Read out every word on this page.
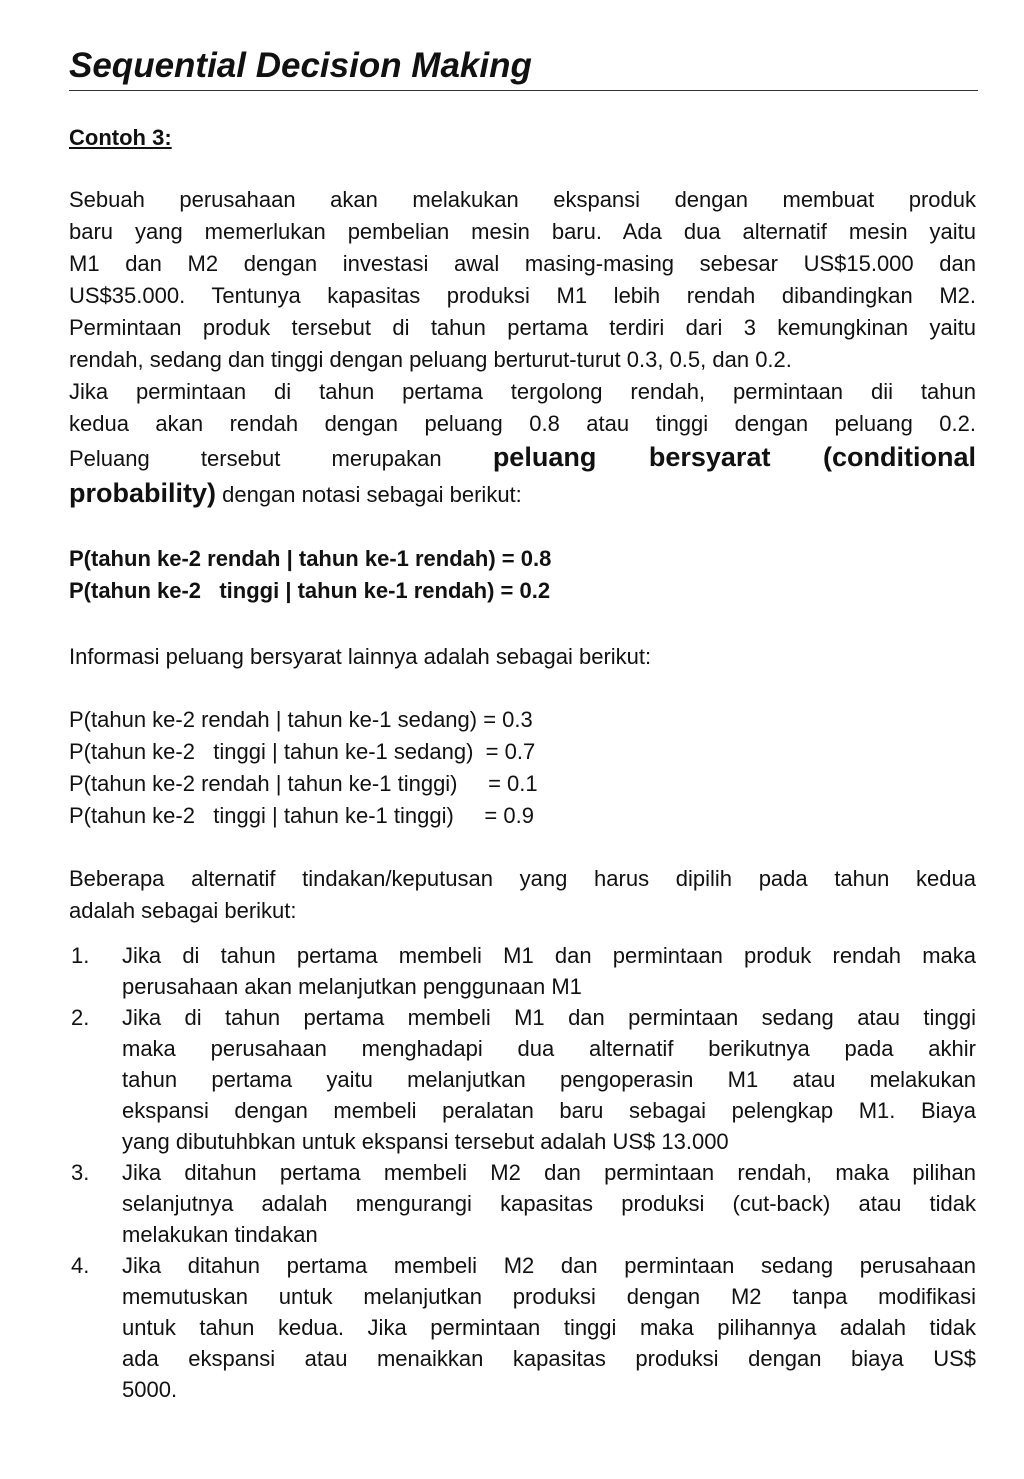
Sequential Decision Making
Contoh 3:
Sebuah perusahaan akan melakukan ekspansi dengan membuat produk
baru yang memerlukan pembelian mesin baru. Ada dua alternatif mesin yaitu
M1 dan M2 dengan investasi awal masing-masing sebesar US$15.000 dan
US$35.000. Tentunya kapasitas produksi M1 lebih rendah dibandingkan M2.
Permintaan produk tersebut di tahun pertama terdiri dari 3 kemungkinan yaitu
rendah, sedang dan tinggi dengan peluang berturut-turut 0.3, 0.5, dan 0.2.
Jika permintaan di tahun pertama tergolong rendah, permintaan dii tahun
kedua akan rendah dengan peluang 0.8 atau tinggi dengan peluang 0.2.
Peluang tersebut merupakan peluang bersyarat (conditional
probability) dengan notasi sebagai berikut:
P(tahun ke-2 rendah | tahun ke-1 rendah) = 0.8
P(tahun ke-2   tinggi | tahun ke-1 rendah) = 0.2
Informasi peluang bersyarat lainnya adalah sebagai berikut:
P(tahun ke-2 rendah | tahun ke-1 sedang) = 0.3
P(tahun ke-2   tinggi | tahun ke-1 sedang)  = 0.7
P(tahun ke-2 rendah | tahun ke-1 tinggi)     = 0.1
P(tahun ke-2   tinggi | tahun ke-1 tinggi)     = 0.9
Beberapa alternatif tindakan/keputusan yang harus dipilih pada tahun kedua
adalah sebagai berikut:
1. Jika di tahun pertama membeli M1 dan permintaan produk rendah maka
perusahaan akan melanjutkan penggunaan M1
2. Jika di tahun pertama membeli M1 dan permintaan sedang atau tinggi
maka perusahaan menghadapi dua alternatif berikutnya pada akhir
tahun pertama yaitu melanjutkan pengoperasin M1 atau melakukan
ekspansi dengan membeli peralatan baru sebagai pelengkap M1. Biaya
yang dibutuhbkan untuk ekspansi tersebut adalah US$ 13.000
3. Jika ditahun pertama membeli M2 dan permintaan rendah, maka pilihan
selanjutnya adalah mengurangi kapasitas produksi (cut-back) atau tidak
melakukan tindakan
4. Jika ditahun pertama membeli M2 dan permintaan sedang perusahaan
memutuskan untuk melanjutkan produksi dengan M2 tanpa modifikasi
untuk tahun kedua. Jika permintaan tinggi maka pilihannya adalah tidak
ada ekspansi atau menaikkan kapasitas produksi dengan biaya US$
5000.
